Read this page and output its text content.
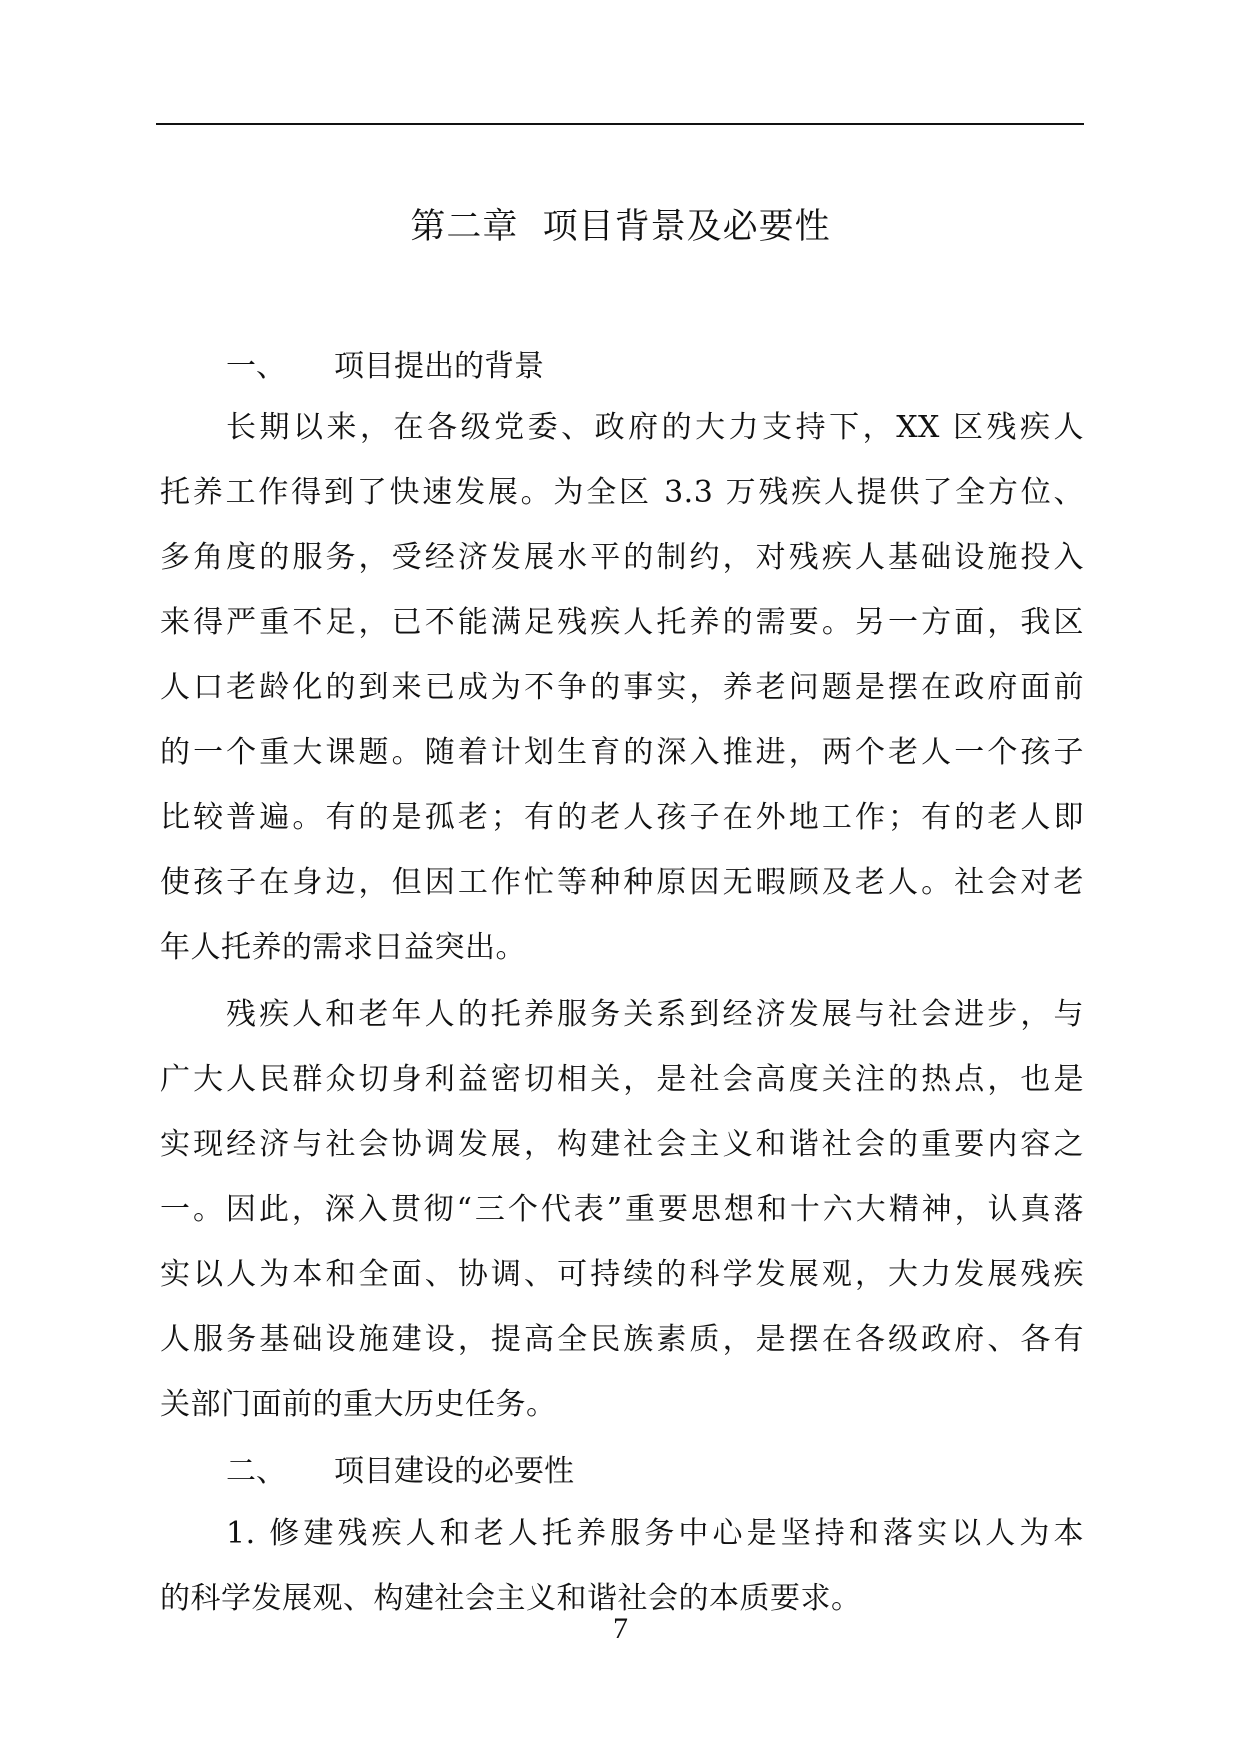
第二章  项目背景及必要性
一、 项目提出的背景
长期以来，在各级党委、政府的大力支持下，XX 区残疾人
托养工作得到了快速发展。为全区 3.3 万残疾人提供了全方位、
多角度的服务，受经济发展水平的制约，对残疾人基础设施投入
来得严重不足，已不能满足残疾人托养的需要。另一方面，我区
人口老龄化的到来已成为不争的事实，养老问题是摆在政府面前
的一个重大课题。随着计划生育的深入推进，两个老人一个孩子
比较普遍。有的是孤老；有的老人孩子在外地工作；有的老人即
使孩子在身边，但因工作忙等种种原因无暇顾及老人。社会对老
年人托养的需求日益突出。
残疾人和老年人的托养服务关系到经济发展与社会进步，与
广大人民群众切身利益密切相关，是社会高度关注的热点，也是
实现经济与社会协调发展，构建社会主义和谐社会的重要内容之
一。因此，深入贯彻“三个代表”重要思想和十六大精神，认真落
实以人为本和全面、协调、可持续的科学发展观，大力发展残疾
人服务基础设施建设，提高全民族素质，是摆在各级政府、各有
关部门面前的重大历史任务。
二、 项目建设的必要性
1. 修建残疾人和老人托养服务中心是坚持和落实以人为本
的科学发展观、构建社会主义和谐社会的本质要求。
7
